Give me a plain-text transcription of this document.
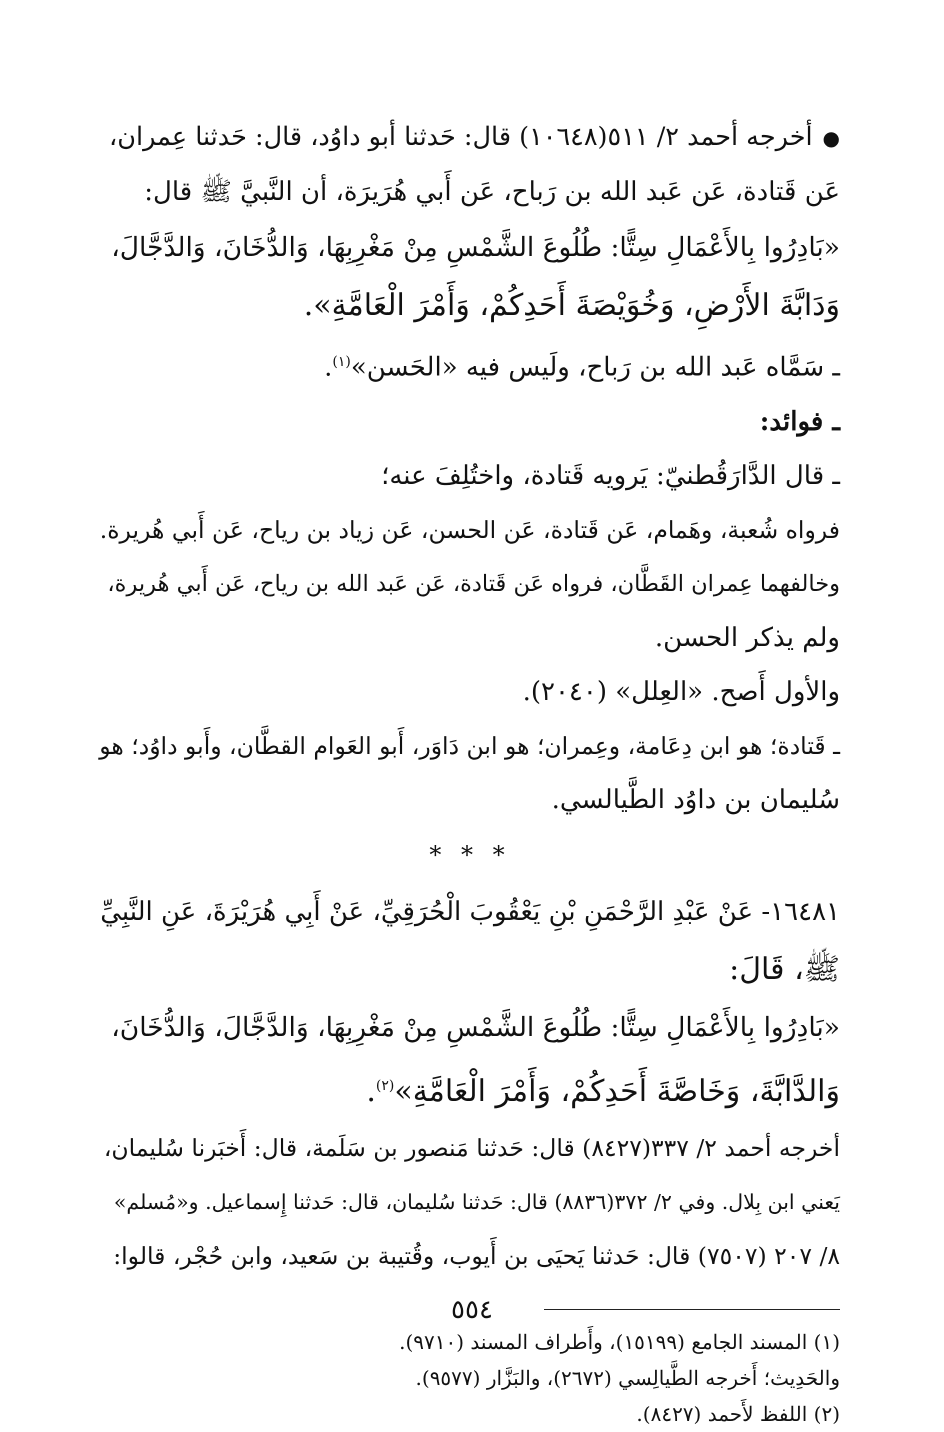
●أخرجه أحمد ٢/ ٥١١(١٠٦٤٨) قال: حَدثنا أبو داوُد، قال: حَدثنا عِمران،
عَن قَتادة، عَن عَبد الله بن رَباح، عَن أَبي هُرَيرَة، أن النَّبيَّ ﷺ قال:
«بَادِرُوا بِالأَعْمَالِ سِتًّا: طُلُوعَ الشَّمْسِ مِنْ مَغْرِبِهَا، وَالدُّخَانَ، وَالدَّجَّالَ،
وَدَابَّةَ الأَرْضِ، وَخُوَيْصَةَ أَحَدِكُمْ، وَأَمْرَ الْعَامَّةِ».
ـ سَمَّاه عَبد الله بن رَباح، ولَيس فيه «الحَسن»$^{(١)}$.
ـ فوائد:
ـ قال الدَّارَقُطنيّ: يَرويه قَتادة، واختُلِفَ عنه؛
فرواه شُعبة، وهَمام، عَن قَتادة، عَن الحسن، عَن زياد بن رياح، عَن أَبي هُريرة.
وخالفهما عِمران القَطَّان، فرواه عَن قَتادة، عَن عَبد الله بن رياح، عَن أَبي هُريرة،
ولم يذكر الحسن.
والأول أَصح. «العِلل» (٢٠٤٠).
ـ قَتادة؛ هو ابن دِعَامة، وعِمران؛ هو ابن دَاوَر، أَبو العَوام القطَّان، وأَبو داوُد؛ هو
سُليمان بن داوُد الطَّيالسي.
* * *
١٦٤٨١- عَنْ عَبْدِ الرَّحْمَنِ بْنِ يَعْقُوبَ الْحُرَقِيِّ، عَنْ أَبِي هُرَيْرَةَ، عَنِ النَّبِيِّ
ﷺ، قَالَ:
«بَادِرُوا بِالأَعْمَالِ سِتًّا: طُلُوعَ الشَّمْسِ مِنْ مَغْرِبِهَا، وَالدَّجَّالَ، وَالدُّخَانَ،
وَالدَّابَّةَ، وَخَاصَّةَ أَحَدِكُمْ، وَأَمْرَ الْعَامَّةِ»$^{(٢)}$.
أخرجه أحمد ٢/ ٣٣٧(٨٤٢٧) قال: حَدثنا مَنصور بن سَلَمة، قال: أَخبَرنا سُليمان،
يَعني ابن بِلال. وفي ٢/ ٣٧٢(٨٨٣٦) قال: حَدثنا سُليمان، قال: حَدثنا إِسماعيل. و«مُسلم»
٨/ ٢٠٧ (٧٥٠٧) قال: حَدثنا يَحيَى بن أَيوب، وقُتيبة بن سَعيد، وابن حُجْر، قالوا:
(١) المسند الجامع (١٥١٩٩)، وأَطراف المسند (٩٧١٠).
والحَدِيث؛ أَخرجه الطَّيالِسي (٢٦٧٢)، والبَزَّار (٩٥٧٧).
(٢) اللفظ لأَحمد (٨٤٢٧).
٥٥٤
